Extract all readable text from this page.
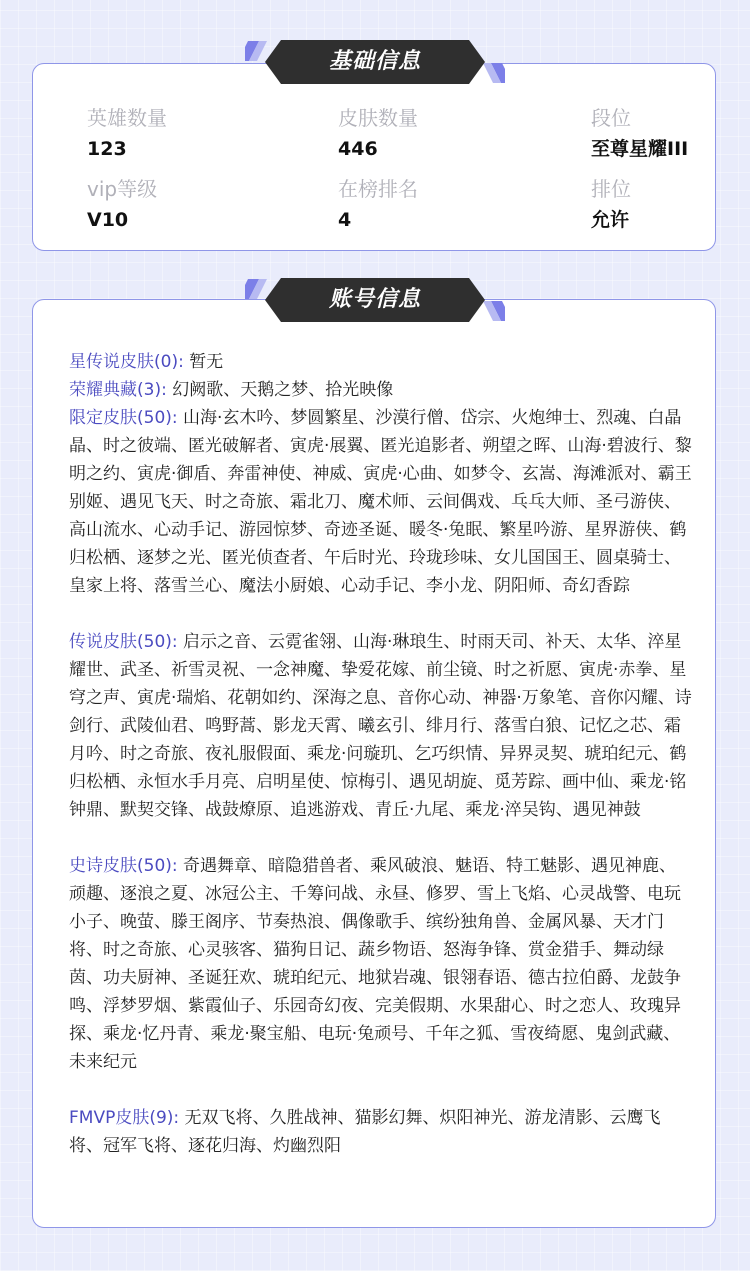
英雄数量
123
皮肤数量
446
段位
至尊星耀III
vip等级
V10
在榜排名
4
排位
允许
基础信息

星传说皮肤(0): 暂无

荣耀典藏(3): 幻阙歌、天鹅之梦、拾光映像

限定皮肤(50): 山海·玄木吟、梦圆繁星、沙漠行僧、岱宗、火炮绅士、烈魂、白晶晶、时之彼端、匿光破解者、寅虎·展翼、匿光追影者、朔望之晖、山海·碧波行、黎明之约、寅虎·御盾、奔雷神使、神威、寅虎·心曲、如梦令、玄嵩、海滩派对、霸王别姬、遇见飞天、时之奇旅、霜北刀、魔术师、云间偶戏、乓乓大师、圣弓游侠、高山流水、心动手记、游园惊梦、奇迹圣诞、暖冬·兔眠、繁星吟游、星界游侠、鹤归松栖、逐梦之光、匿光侦查者、午后时光、玲珑珍味、女儿国国王、圆桌骑士、皇家上将、落雪兰心、魔法小厨娘、心动手记、李小龙、阴阳师、奇幻香踪

传说皮肤(50): 启示之音、云霓雀翎、山海·琳琅生、时雨天司、补天、太华、淬星耀世、武圣、祈雪灵祝、一念神魔、挚爱花嫁、前尘镜、时之祈愿、寅虎·赤拳、星穹之声、寅虎·瑞焰、花朝如约、深海之息、音你心动、神器·万象笔、音你闪耀、诗剑行、武陵仙君、鸣野蒿、影龙天霄、曦玄引、绯月行、落雪白狼、记忆之芯、霜月吟、时之奇旅、夜礼服假面、乘龙·问璇玑、乞巧织情、异界灵契、琥珀纪元、鹤归松栖、永恒水手月亮、启明星使、惊梅引、遇见胡旋、觅芳踪、画中仙、乘龙·铭钟鼎、默契交锋、战鼓燎原、追逃游戏、青丘·九尾、乘龙·淬吴钩、遇见神鼓

史诗皮肤(50): 奇遇舞章、暗隐猎兽者、乘风破浪、魅语、特工魅影、遇见神鹿、顽趣、逐浪之夏、冰冠公主、千筹问战、永昼、修罗、雪上飞焰、心灵战警、电玩小子、晚萤、滕王阁序、节奏热浪、偶像歌手、缤纷独角兽、金属风暴、天才门将、时之奇旅、心灵骇客、猫狗日记、蔬乡物语、怒海争锋、赏金猎手、舞动绿茵、功夫厨神、圣诞狂欢、琥珀纪元、地狱岩魂、银翎春语、德古拉伯爵、龙鼓争鸣、浮梦罗烟、紫霞仙子、乐园奇幻夜、完美假期、水果甜心、时之恋人、玫瑰异探、乘龙·忆丹青、乘龙·聚宝船、电玩·兔顽号、千年之狐、雪夜绮愿、鬼剑武藏、未来纪元

FMVP皮肤(9): 无双飞将、久胜战神、猫影幻舞、炽阳神光、游龙清影、云鹰飞将、冠军飞将、逐花归海、灼幽烈阳

账号信息
